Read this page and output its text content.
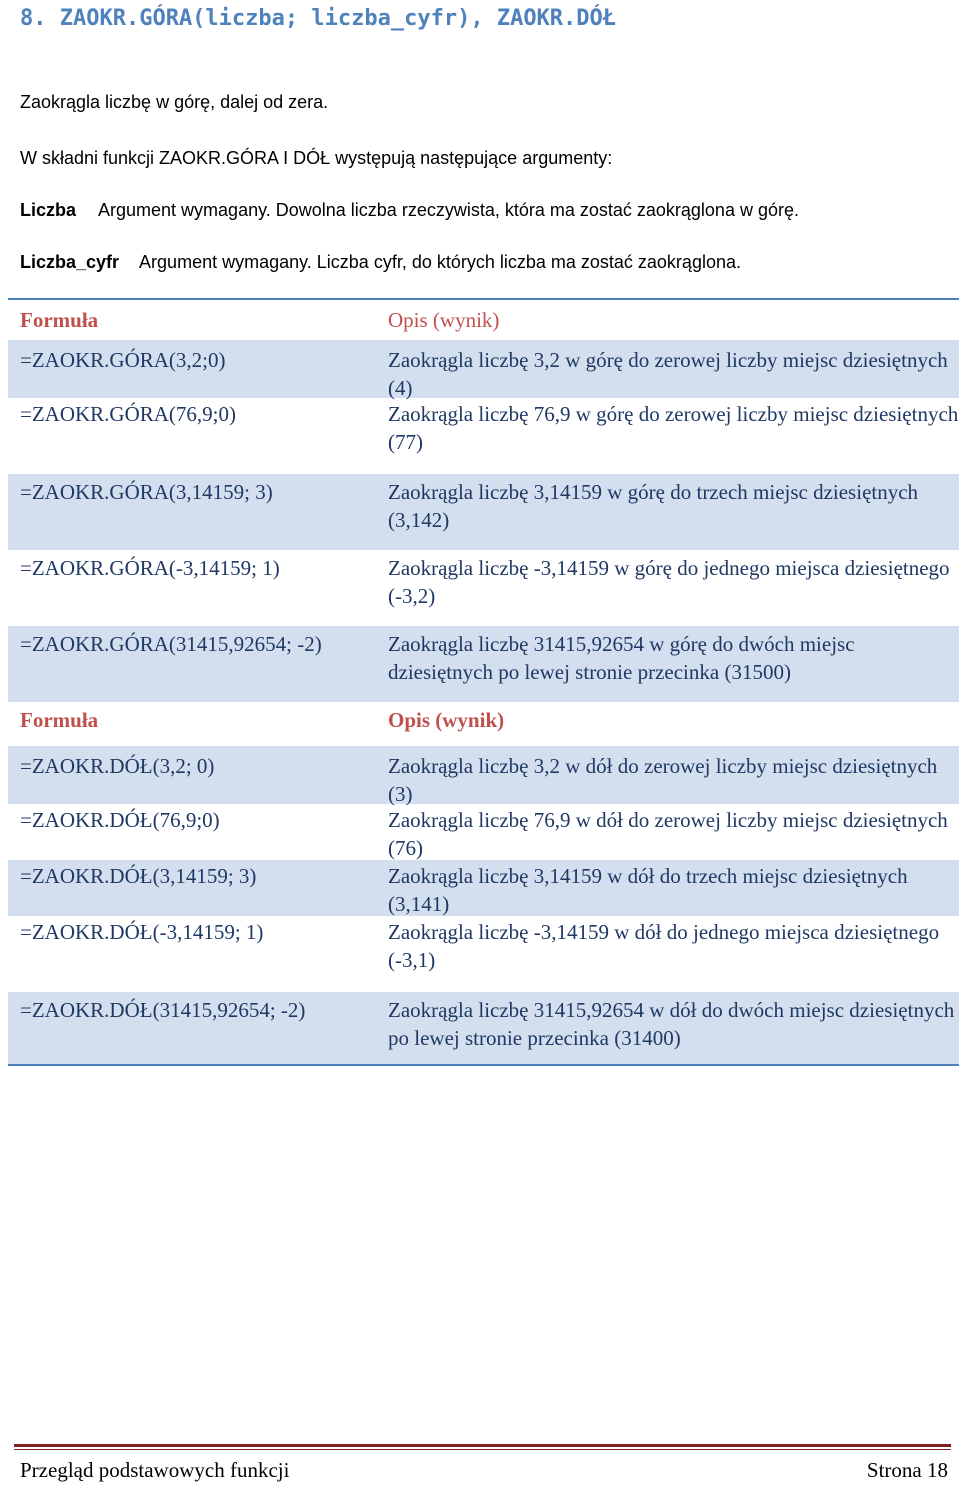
8. ZAOKR.GÓRA(liczba; liczba_cyfr), ZAOKR.DÓŁ
Zaokrągla liczbę w górę, dalej od zera.
W składni funkcji ZAOKR.GÓRA I DÓŁ występują następujące argumenty:
Liczba Argument wymagany. Dowolna liczba rzeczywista, która ma zostać zaokrąglona w górę.
Liczba_cyfr Argument wymagany. Liczba cyfr, do których liczba ma zostać zaokrąglona.
Formuła	Opis (wynik)
=ZAOKR.GÓRA(3,2;0)	Zaokrągla liczbę 3,2 w górę do zerowej liczby miejsc dziesiętnych (4)
=ZAOKR.GÓRA(76,9;0)	Zaokrągla liczbę 76,9 w górę do zerowej liczby miejsc dziesiętnych (77)
=ZAOKR.GÓRA(3,14159; 3)	Zaokrągla liczbę 3,14159 w górę do trzech miejsc dziesiętnych (3,142)
=ZAOKR.GÓRA(-3,14159; 1)	Zaokrągla liczbę -3,14159 w górę do jednego miejsca dziesiętnego (-3,2)
=ZAOKR.GÓRA(31415,92654; -2)	Zaokrągla liczbę 31415,92654 w górę do dwóch miejsc dziesiętnych po lewej stronie przecinka (31500)
Formuła	Opis (wynik)
=ZAOKR.DÓŁ(3,2; 0)	Zaokrągla liczbę 3,2 w dół do zerowej liczby miejsc dziesiętnych (3)
=ZAOKR.DÓŁ(76,9;0)	Zaokrągla liczbę 76,9 w dół do zerowej liczby miejsc dziesiętnych (76)
=ZAOKR.DÓŁ(3,14159; 3)	Zaokrągla liczbę 3,14159 w dół do trzech miejsc dziesiętnych (3,141)
=ZAOKR.DÓŁ(-3,14159; 1)	Zaokrągla liczbę -3,14159 w dół do jednego miejsca dziesiętnego (-3,1)
=ZAOKR.DÓŁ(31415,92654; -2)	Zaokrągla liczbę 31415,92654 w dół do dwóch miejsc dziesiętnych po lewej stronie przecinka (31400)
Przegląd podstawowych funkcji	Strona 18
